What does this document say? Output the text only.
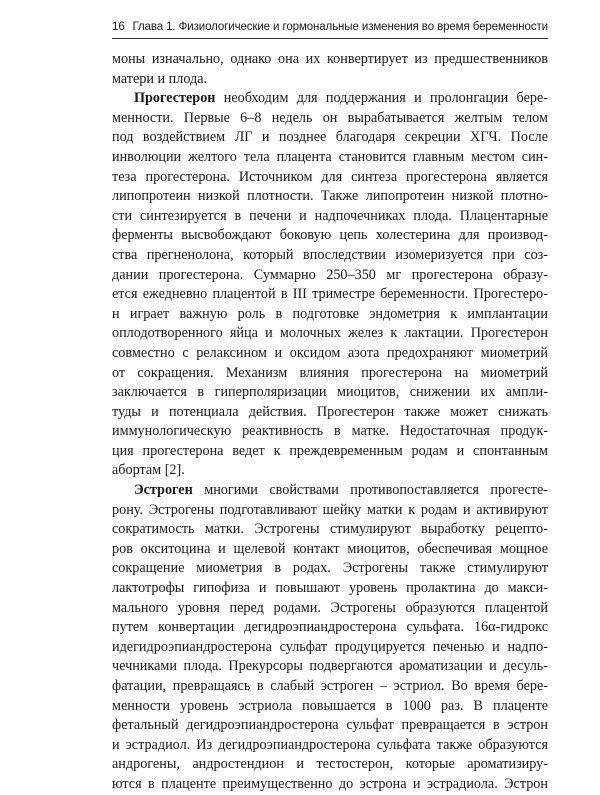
16 Глава 1. Физиологические и гормональные изменения во время беременности
моны изначально, однако она их конвертирует из предшественников
матери и плода.
Прогестерон необходим для поддержания и пролонгации бере-
менности. Первые 6–8 недель он вырабатывается желтым телом
под воздействием ЛГ и позднее благодаря секреции ХГЧ. После
инволюции желтого тела плацента становится главным местом син-
теза прогестерона. Источником для синтеза прогестерона является
липопротеин низкой плотности. Также липопротеин низкой плотно-
сти синтезируется в печени и надпочечниках плода. Плацентарные
ферменты высвобождают боковую цепь холестерина для производ-
ства прегненолона, который впоследствии изомеризуется при соз-
дании прогестерона. Суммарно 250–350 мг прогестерона образу-
ется ежедневно плацентой в III триместре беременности. Прогестеро-
н играет важную роль в подготовке эндометрия к имплантации
оплодотворенного яйца и молочных желез к лактации. Прогестерон
совместно с релаксином и оксидом азота предохраняют миометрий
от сокращения. Механизм влияния прогестерона на миометрий
заключается в гиперполяризации миоцитов, снижении их ампли-
туды и потенциала действия. Прогестерон также может снижать
иммунологическую реактивность в матке. Недостаточная продук-
ция прогестерона ведет к преждевременным родам и спонтанным
абортам [2].
Эстроген многими свойствами противопоставляется прогесте-
рону. Эстрогены подготавливают шейку матки к родам и активируют
сократимость матки. Эстрогены стимулируют выработку рецепто-
ров окситоцина и щелевой контакт миоцитов, обеспечивая мощное
сокращение миометрия в родах. Эстрогены также стимулируют
лактотрофы гипофиза и повышают уровень пролактина до макси-
мального уровня перед родами. Эстрогены образуются плацентой
путем конвертации дегидроэпиандростерона сульфата. 16α-гидрокс
идегидроэпиандростерона сульфат продуцируется печенью и надпо-
чечниками плода. Прекурсоры подвергаются ароматизации и десуль-
фатации, превращаясь в слабый эстроген – эстриол. Во время бере-
менности уровень эстриола повышается в 1000 раз. В плаценте
фетальный дегидроэпиандростерона сульфат превращается в эстрон
и эстрадиол. Из дегидроэпиандростерона сульфата также образуются
андрогены, андростендион и тестостерон, которые ароматизиру-
ются в плаценте преимущественно до эстрона и эстрадиола. Эстрон
